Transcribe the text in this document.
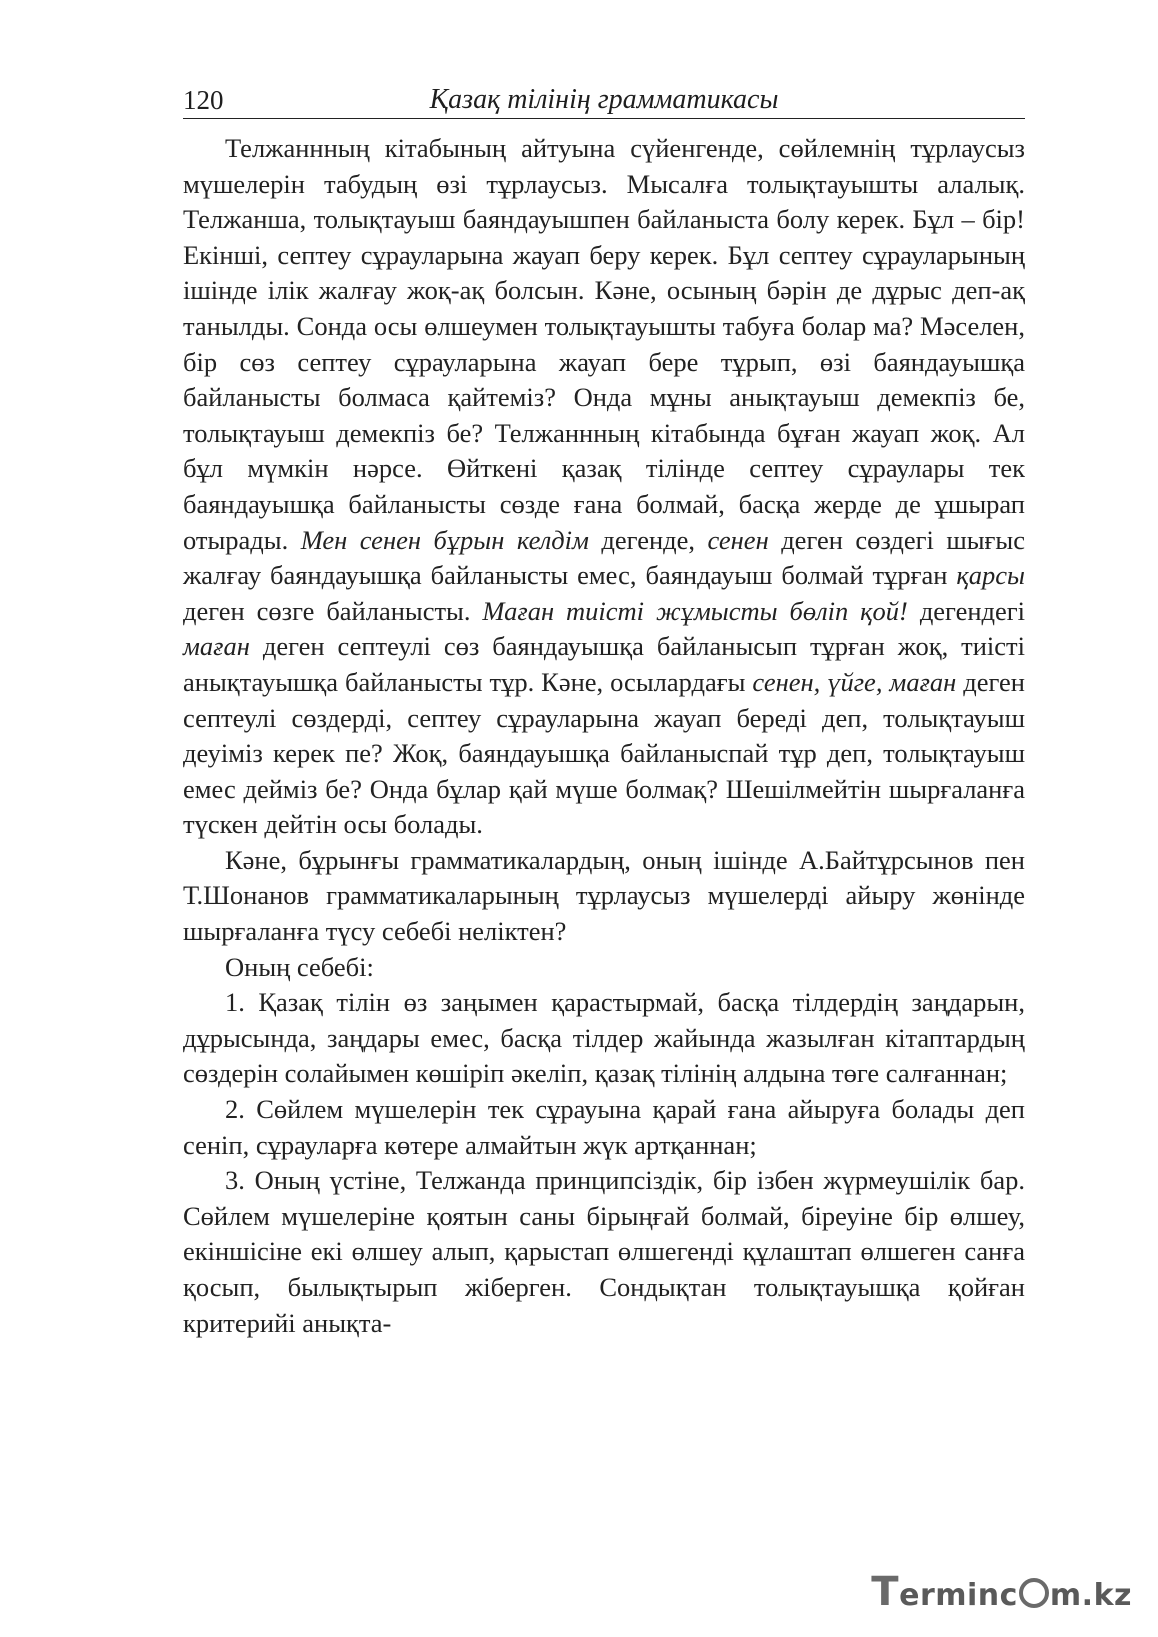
120	Қазақ тілінің грамматикасы

Телжаннның кітабының айтуына сүйенгенде, сөйлемнің тұрлаусыз мүшелерін табудың өзі тұрлаусыз. Мысалға толықтауышты алалық. Телжанша, толықтауыш баяндауышпен байланыста болу керек. Бұл – бір! Екінші, септеу сұрауларына жауап беру керек. Бұл септеу сұрауларының ішінде ілік жалғау жоқ-ақ болсын. Кәне, осының бәрін де дұрыс деп-ақ танылды. Сонда осы өлшеумен толықтауышты табуға болар ма? Мәселен, бір сөз септеу сұрауларына жауап бере тұрып, өзі баяндауышқа байланысты болмаса қайтеміз? Онда мұны анықтауыш демекпіз бе, толықтауыш демекпіз бе? Телжаннның кітабында бұған жауап жоқ. Ал бұл мүмкін нәрсе. Өйткені қазақ тілінде септеу сұраулары тек баяндауышқа байланысты сөзде ғана болмай, басқа жерде де ұшырап отырады. Мен сенен бұрын келдім дегенде, сенен деген сөздегі шығыс жалғау баяндауышқа байланысты емес, баяндауыш болмай тұрған қарсы деген сөзге байланысты. Маған тиісті жұмысты бөліп қой! дегендегі маған деген септеулі сөз баяндауышқа байланысып тұрған жоқ, тиісті анықтауышқа байланысты тұр. Кәне, осылардағы сенен, үйге, маған деген септеулі сөздерді, септеу сұрауларына жауап береді деп, толықтауыш деуіміз керек пе? Жоқ, баяндауышқа байланыспай тұр деп, толықтауыш емес дейміз бе? Онда бұлар қай мүше болмақ? Шешілмейтін шырғаланға түскен дейтін осы болады.

Кәне, бұрынғы грамматикалардың, оның ішінде А.Байтұрсынов пен Т.Шонанов грамматикаларының тұрлаусыз мүшелерді айыру жөнінде шырғаланға түсу себебі неліктен?

Оның себебі:

1. Қазақ тілін өз заңымен қарастырмай, басқа тілдердің заңдарын, дұрысында, заңдары емес, басқа тілдер жайында жазылған кітаптардың сөздерін солайымен көшіріп әкеліп, қазақ тілінің алдына төге салғаннан;

2. Сөйлем мүшелерін тек сұрауына қарай ғана айыруға болады деп сеніп, сұрауларға көтере алмайтын жүк артқаннан;

3. Оның үстіне, Телжанда принципсіздік, бір ізбен жүрмеушілік бар. Сөйлем мүшелеріне қоятын саны бірыңғай болмай, біреуіне бір өлшеу, екіншісіне екі өлшеу алып, қарыстап өлшегенді құлаштап өлшеген санға қосып, былықтырып жіберген. Сондықтан толықтауышқа қойған критерийі анықта-

Terminc m.kz
